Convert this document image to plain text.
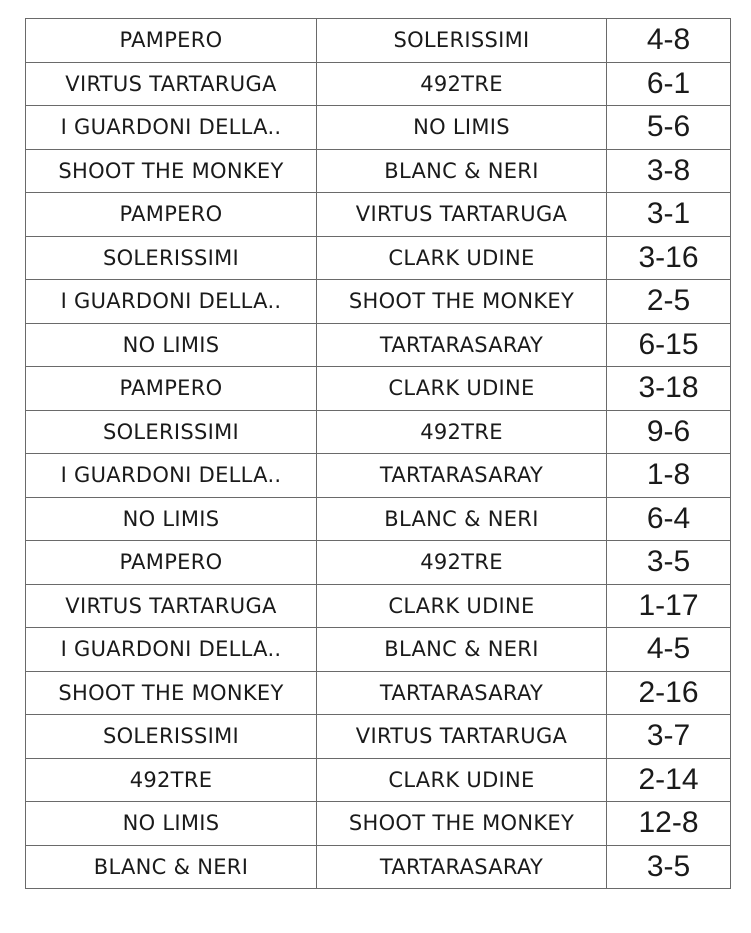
PAMPERO	SOLERISSIMI	4-8
VIRTUS TARTARUGA	492TRE	6-1
I GUARDONI DELLA..	NO LIMIS	5-6
SHOOT THE MONKEY	BLANC & NERI	3-8
PAMPERO	VIRTUS TARTARUGA	3-1
SOLERISSIMI	CLARK UDINE	3-16
I GUARDONI DELLA..	SHOOT THE MONKEY	2-5
NO LIMIS	TARTARASARAY	6-15
PAMPERO	CLARK UDINE	3-18
SOLERISSIMI	492TRE	9-6
I GUARDONI DELLA..	TARTARASARAY	1-8
NO LIMIS	BLANC & NERI	6-4
PAMPERO	492TRE	3-5
VIRTUS TARTARUGA	CLARK UDINE	1-17
I GUARDONI DELLA..	BLANC & NERI	4-5
SHOOT THE MONKEY	TARTARASARAY	2-16
SOLERISSIMI	VIRTUS TARTARUGA	3-7
492TRE	CLARK UDINE	2-14
NO LIMIS	SHOOT THE MONKEY	12-8
BLANC & NERI	TARTARASARAY	3-5
